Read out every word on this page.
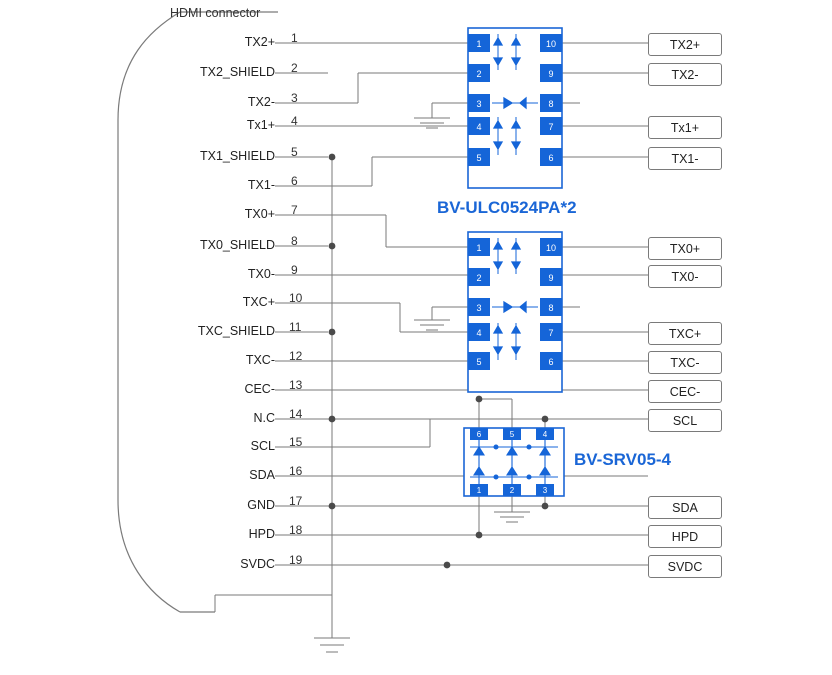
1
2
3
4
5
10
9
8
7
6
1
2
3
4
5
10
9
8
7
6
6	5	4
1	2	3
HDMI connector
TX2+
TX2_SHIELD
TX2-
Tx1+
TX1_SHIELD
TX1-
TX0+
TX0_SHIELD
TX0-
TXC+
TXC_SHIELD
TXC-
CEC-
N.C
SCL
SDA
GND
HPD
SVDC
1
2
3
4
5
6
7
8
9
10
11
12
13
14
15
16
17
18
19
BV-ULC0524PA*2
BV-SRV05-4
TX2+
TX2-
Tx1+
TX1-
TX0+
TX0-
TXC+
TXC-
CEC-
SCL
SDA
HPD
SVDC
